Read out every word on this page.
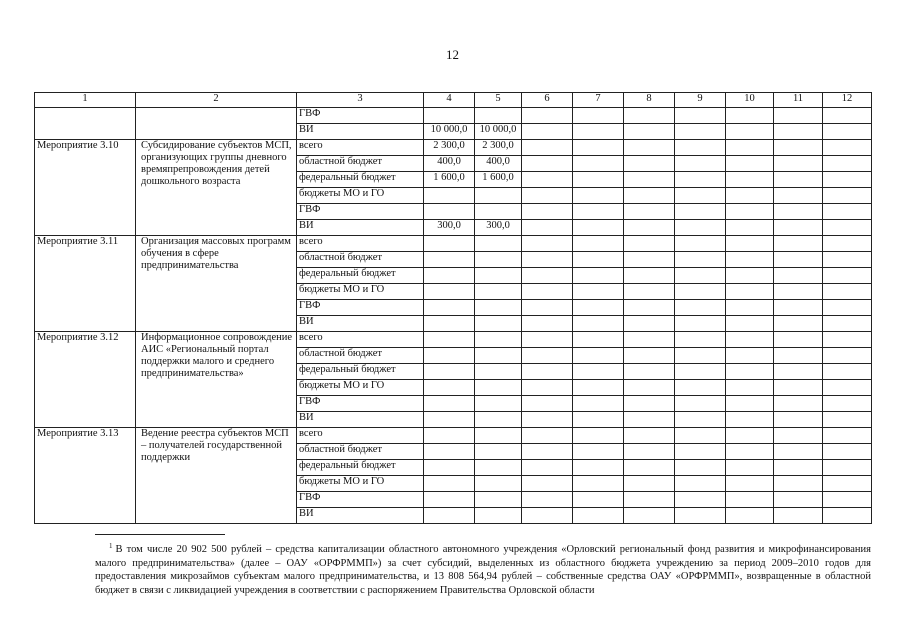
12
1	2	3	4	5	6	7	8	9	10	11	12
		ГВФ									
		ВИ	10 000,0	10 000,0							
Мероприятие 3.10	Субсидирование субъектов МСП, организующих группы дневного времяпрепровождения детей дошкольного возраста	всего	2 300,0	2 300,0							
		областной бюджет	400,0	400,0							
		федеральный бюджет	1 600,0	1 600,0							
		бюджеты МО и ГО									
		ГВФ									
		ВИ	300,0	300,0							
Мероприятие 3.11	Организация массовых программ обучения в сфере предпринимательства	всего									
		областной бюджет									
		федеральный бюджет									
		бюджеты МО и ГО									
		ГВФ									
		ВИ									
Мероприятие 3.12	Информационное сопровождение АИС «Региональный портал поддержки малого и среднего предпринимательства»	всего									
		областной бюджет									
		федеральный бюджет									
		бюджеты МО и ГО									
		ГВФ									
		ВИ									
Мероприятие 3.13	Ведение реестра субъектов МСП – получателей государственной поддержки	всего									
		областной бюджет									
		федеральный бюджет									
		бюджеты МО и ГО									
		ГВФ									
		ВИ									
$^1$ В том числе 20 902 500 рублей – средства капитализации областного автономного учреждения «Орловский региональный фонд развития и микрофинансирования малого предпринимательства» (далее – ОАУ «ОРФРММП») за счет субсидий, выделенных из областного бюджета учреждению за период 2009–2010 годов для предоставления микрозаймов субъектам малого предпринимательства, и 13 808 564,94 рублей – собственные средства ОАУ «ОРФРММП», возвращенные в областной бюджет в связи с ликвидацией учреждения в соответствии с распоряжением Правительства Орловской области
